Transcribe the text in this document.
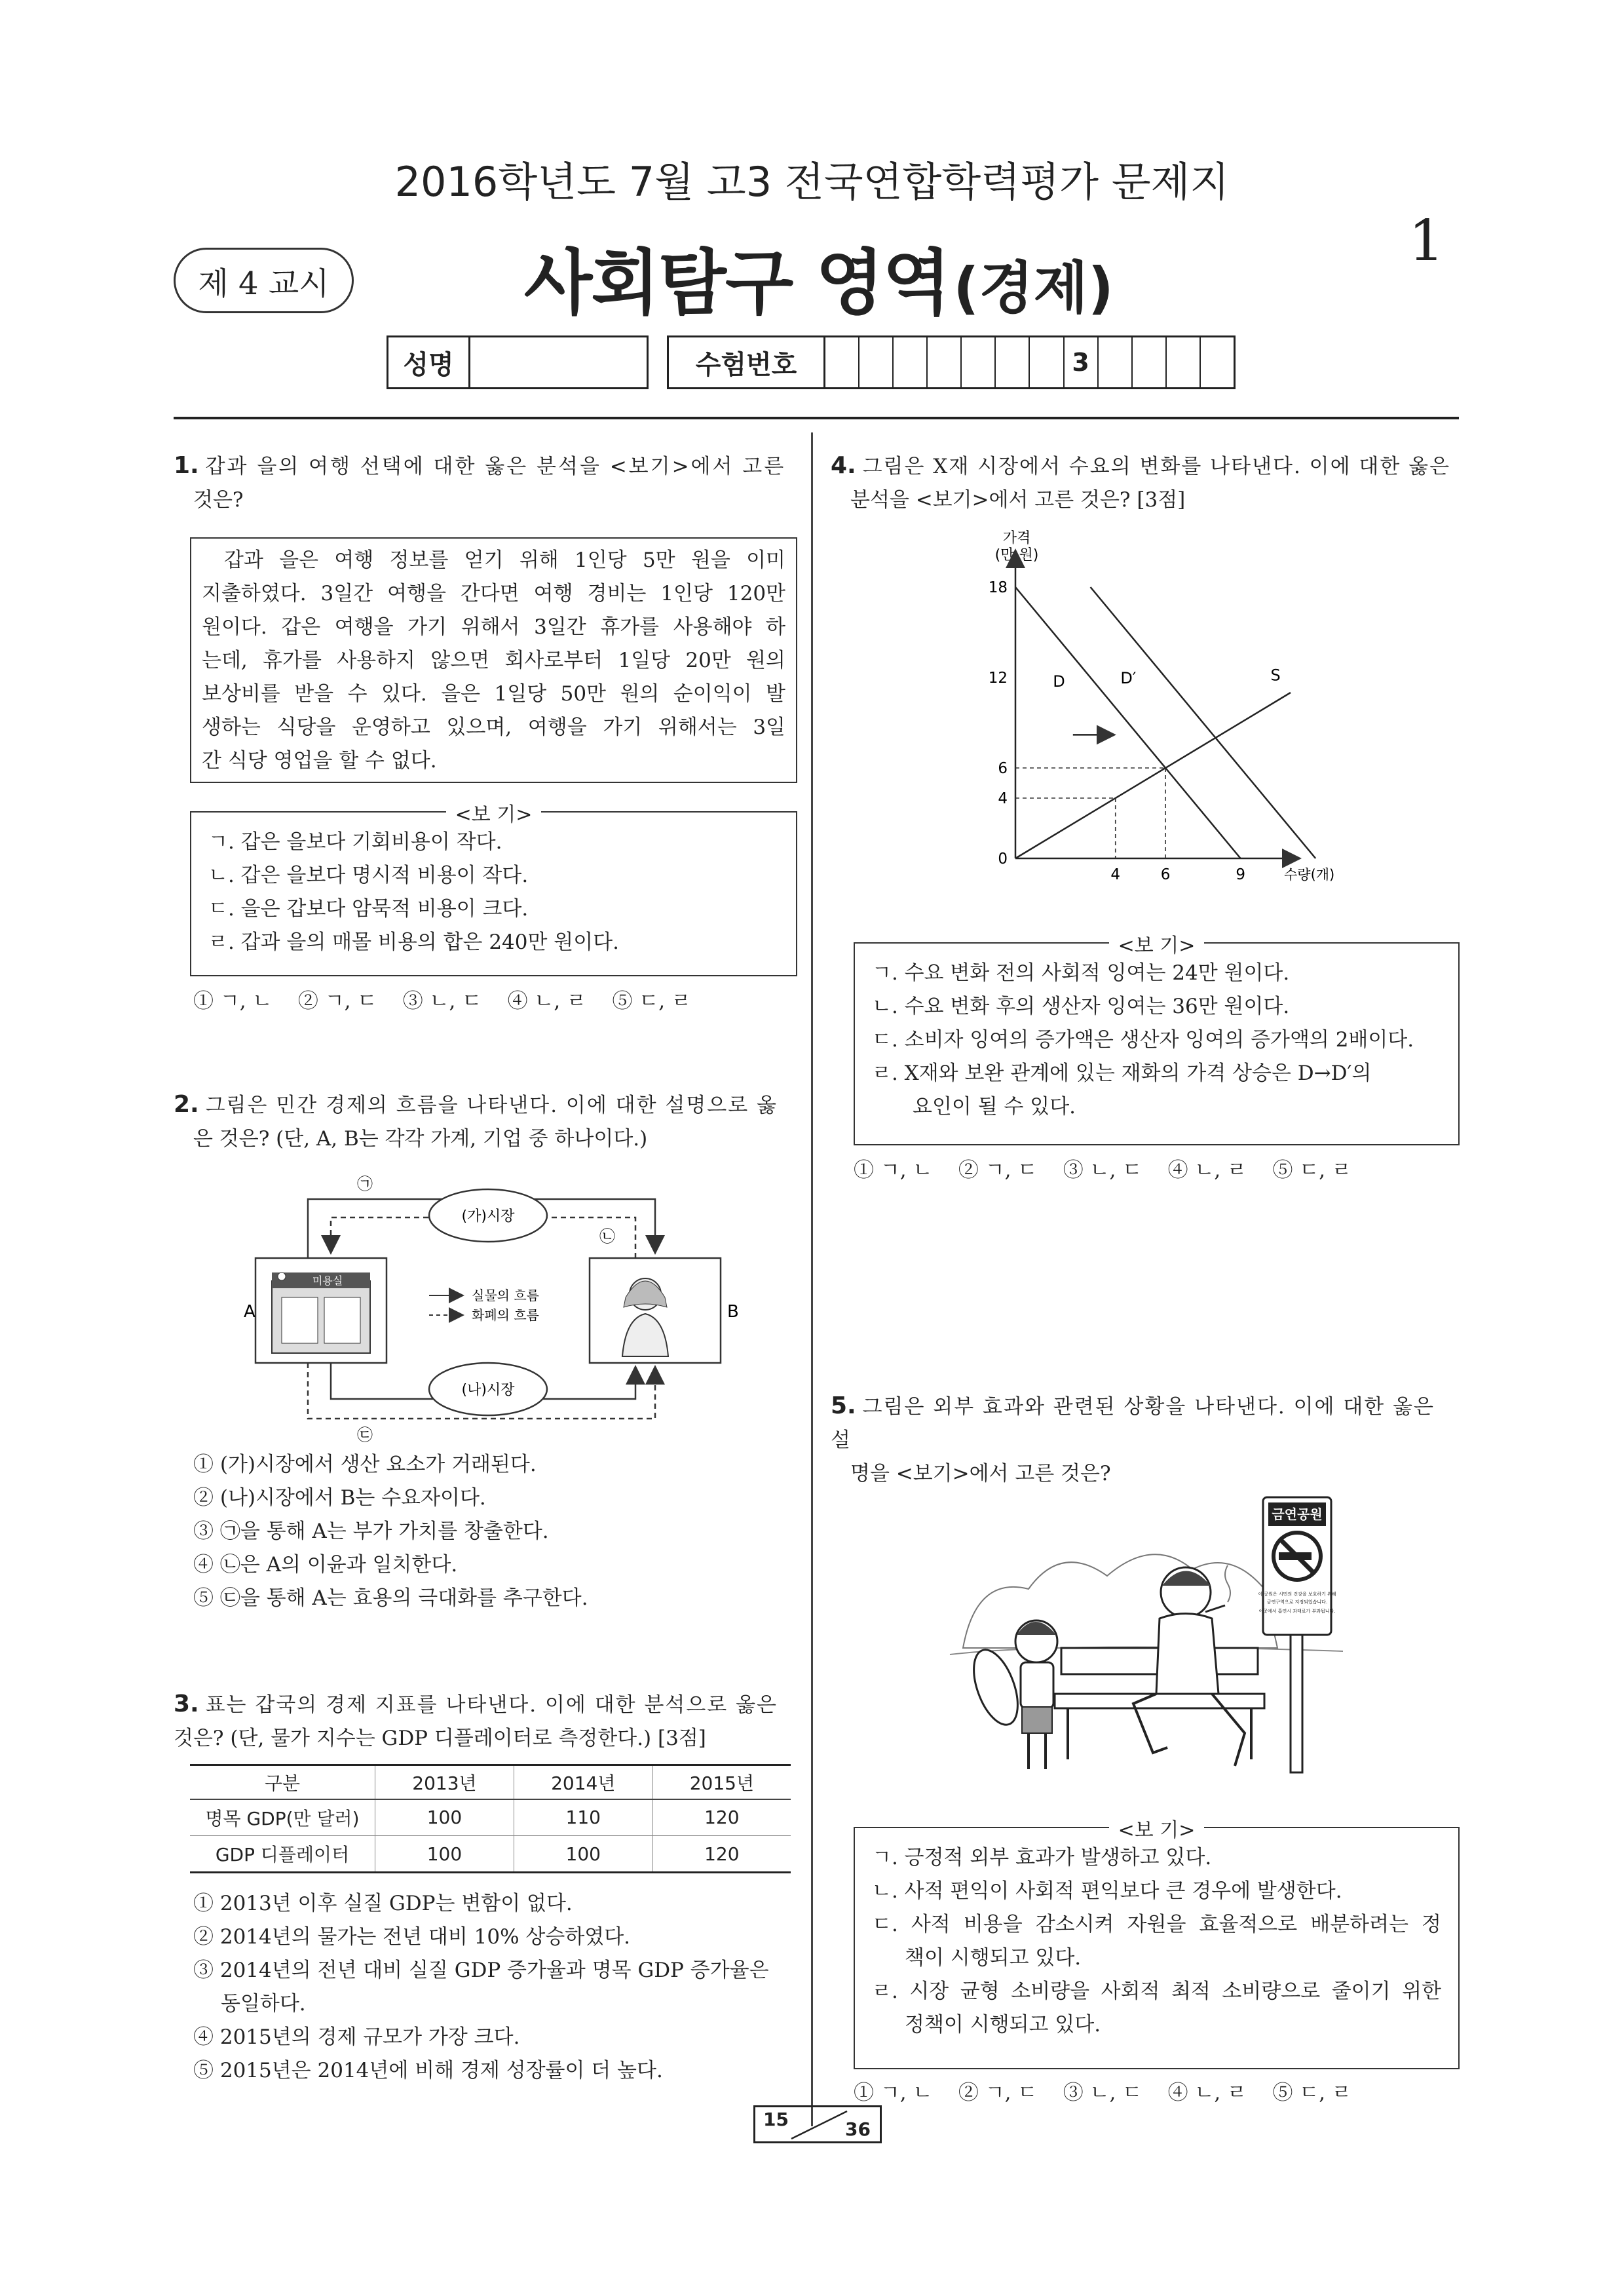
2016학년도 7월 고3 전국연합학력평가 문제지
제 4 교시	사회탐구 영역 (경제)
1
성명	수험번호	3
1. 갑과 을의 여행 선택에 대한 옳은 분석을 <보기>에서 고른
것은?
갑과 을은 여행 정보를 얻기 위해 1인당 5만 원을 이미
지출하였다. 3일간 여행을 간다면 여행 경비는 1인당 120만
원이다. 갑은 여행을 가기 위해서 3일간 휴가를 사용해야 하
는데, 휴가를 사용하지 않으면 회사로부터 1일당 20만 원의
보상비를 받을 수 있다. 을은 1일당 50만 원의 순이익이 발
생하는 식당을 운영하고 있으며, 여행을 가기 위해서는 3일
간 식당 영업을 할 수 없다.
<보 기>
ㄱ. 갑은 을보다 기회비용이 작다.
ㄴ. 갑은 을보다 명시적 비용이 작다.
ㄷ. 을은 갑보다 암묵적 비용이 크다.
ㄹ. 갑과 을의 매몰 비용의 합은 240만 원이다.
① ㄱ, ㄴ    ② ㄱ, ㄷ    ③ ㄴ, ㄷ    ④ ㄴ, ㄹ    ⑤ ㄷ, ㄹ
2. 그림은 민간 경제의 흐름을 나타낸다. 이에 대한 설명으로 옳
은 것은? (단, A, B는 각각 가계, 기업 중 하나이다.)
(가)시장
(나)시장
미용실
A	B
실물의 흐름
화폐의 흐름
㉠
㉡
㉢
① (가)시장에서 생산 요소가 거래된다.
② (나)시장에서 B는 수요자이다.
③ ㉠을 통해 A는 부가 가치를 창출한다.
④ ㉡은 A의 이윤과 일치한다.
⑤ ㉢을 통해 A는 효용의 극대화를 추구한다.
3. 표는 갑국의 경제 지표를 나타낸다. 이에 대한 분석으로 옳은
것은? (단, 물가 지수는 GDP 디플레이터로 측정한다.) [3점]
구분	2013년	2014년	2015년
명목 GDP(만 달러)	100	110	120
GDP 디플레이터	100	100	120
① 2013년 이후 실질 GDP는 변함이 없다.
② 2014년의 물가는 전년 대비 10% 상승하였다.
③ 2014년의 전년 대비 실질 GDP 증가율과 명목 GDP 증가율은
동일하다.
④ 2015년의 경제 규모가 가장 크다.
⑤ 2015년은 2014년에 비해 경제 성장률이 더 높다.
4. 그림은 X재 시장에서 수요의 변화를 나타낸다. 이에 대한 옳은
분석을 <보기>에서 고른 것은? [3점]
가격 (만 원)
수량(개)
0
4
6
12
18
4	6	9
D	D′	S
<보 기>
ㄱ. 수요 변화 전의 사회적 잉여는 24만 원이다.
ㄴ. 수요 변화 후의 생산자 잉여는 36만 원이다.
ㄷ. 소비자 잉여의 증가액은 생산자 잉여의 증가액의 2배이다.
ㄹ. X재와 보완 관계에 있는 재화의 가격 상승은 D→D′의
요인이 될 수 있다.
① ㄱ, ㄴ    ② ㄱ, ㄷ    ③ ㄴ, ㄷ    ④ ㄴ, ㄹ    ⑤ ㄷ, ㄹ
5. 그림은 외부 효과와 관련된 상황을 나타낸다. 이에 대한 옳은 설
명을 <보기>에서 고른 것은?
금연공원
이 공원은 시민의 건강을 보호하기 위해
금연구역으로 지정되었습니다.
이곳에서 흡연시 과태료가 부과됩니다.
<보 기>
ㄱ. 긍정적 외부 효과가 발생하고 있다.
ㄴ. 사적 편익이 사회적 편익보다 큰 경우에 발생한다.
ㄷ. 사적 비용을 감소시켜 자원을 효율적으로 배분하려는 정
책이 시행되고 있다.
ㄹ. 시장 균형 소비량을 사회적 최적 소비량으로 줄이기 위한
정책이 시행되고 있다.
① ㄱ, ㄴ    ② ㄱ, ㄷ    ③ ㄴ, ㄷ    ④ ㄴ, ㄹ    ⑤ ㄷ, ㄹ
15	36
